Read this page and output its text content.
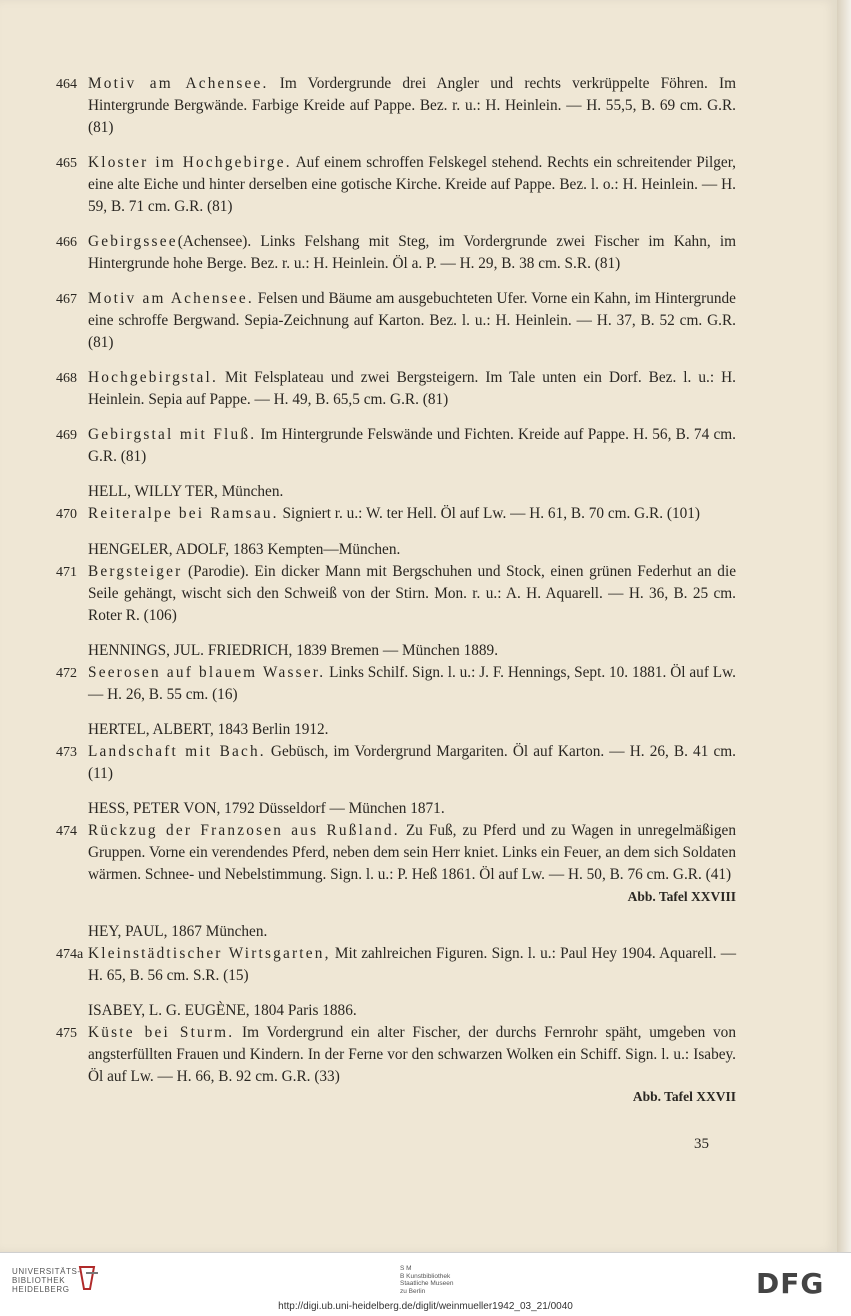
464 Motiv am Achensee. Im Vordergrunde drei Angler und rechts verkrüppelte Föhren. Im Hintergrunde Bergwände. Farbige Kreide auf Pappe. Bez. r. u.: H. Heinlein. — H. 55,5, B. 69 cm. G.R. (81)
465 Kloster im Hochgebirge. Auf einem schroffen Felskegel stehend. Rechts ein schreitender Pilger, eine alte Eiche und hinter derselben eine gotische Kirche. Kreide auf Pappe. Bez. l. o.: H. Heinlein. — H. 59, B. 71 cm. G.R. (81)
466 Gebirgssee(Achensee). Links Felshang mit Steg, im Vordergrunde zwei Fischer im Kahn, im Hintergrunde hohe Berge. Bez. r. u.: H. Heinlein. Öl a. P. — H. 29, B. 38 cm. S.R. (81)
467 Motiv am Achensee. Felsen und Bäume am ausgebuchteten Ufer. Vorne ein Kahn, im Hintergrunde eine schroffe Bergwand. Sepia-Zeichnung auf Karton. Bez. l. u.: H. Heinlein. — H. 37, B. 52 cm. G.R. (81)
468 Hochgebirgstal. Mit Felsplateau und zwei Bergsteigern. Im Tale unten ein Dorf. Bez. l. u.: H. Heinlein. Sepia auf Pappe. — H. 49, B. 65,5 cm. G.R. (81)
469 Gebirgstal mit Fluß. Im Hintergrunde Felswände und Fichten. Kreide auf Pappe. H. 56, B. 74 cm. G.R. (81)
HELL, WILLY TER, München.
470 Reiteralpe bei Ramsau. Signiert r. u.: W. ter Hell. Öl auf Lw. — H. 61, B. 70 cm. G.R. (101)
HENGELER, ADOLF, 1863 Kempten—München.
471 Bergsteiger (Parodie). Ein dicker Mann mit Bergschuhen und Stock, einen grünen Federhut an die Seile gehängt, wischt sich den Schweiß von der Stirn. Mon. r. u.: A. H. Aquarell. — H. 36, B. 25 cm. Roter R. (106)
HENNINGS, JUL. FRIEDRICH, 1839 Bremen — München 1889.
472 Seerosen auf blauem Wasser. Links Schilf. Sign. l. u.: J. F. Hennings, Sept. 10. 1881. Öl auf Lw. — H. 26, B. 55 cm. (16)
HERTEL, ALBERT, 1843 Berlin 1912.
473 Landschaft mit Bach. Gebüsch, im Vordergrund Margariten. Öl auf Karton. — H. 26, B. 41 cm. (11)
HESS, PETER VON, 1792 Düsseldorf — München 1871.
474 Rückzug der Franzosen aus Rußland. Zu Fuß, zu Pferd und zu Wagen in unregelmäßigen Gruppen. Vorne ein verendendes Pferd, neben dem sein Herr kniet. Links ein Feuer, an dem sich Soldaten wärmen. Schnee- und Nebelstimmung. Sign. l. u.: P. Heß 1861. Öl auf Lw. — H. 50, B. 76 cm. G.R. (41)
Abb. Tafel XXVIII
HEY, PAUL, 1867 München.
474a Kleinstädtischer Wirtsgarten, Mit zahlreichen Figuren. Sign. l. u.: Paul Hey 1904. Aquarell. — H. 65, B. 56 cm. S.R. (15)
ISABEY, L. G. EUGÈNE, 1804 Paris 1886.
475 Küste bei Sturm. Im Vordergrund ein alter Fischer, der durchs Fernrohr späht, umgeben von angsterfüllten Frauen und Kindern. In der Ferne vor den schwarzen Wolken ein Schiff. Sign. l. u.: Isabey. Öl auf Lw. — H. 66, B. 92 cm. G.R. (33)
Abb. Tafel XXVII
35
UNIVERSITÄTS-
BIBLIOTHEK
HEIDELBERG
S M
B Kunstbibliothek
Staatliche Museen
zu Berlin	DFG
http://digi.ub.uni-heidelberg.de/diglit/weinmueller1942_03_21/0040
